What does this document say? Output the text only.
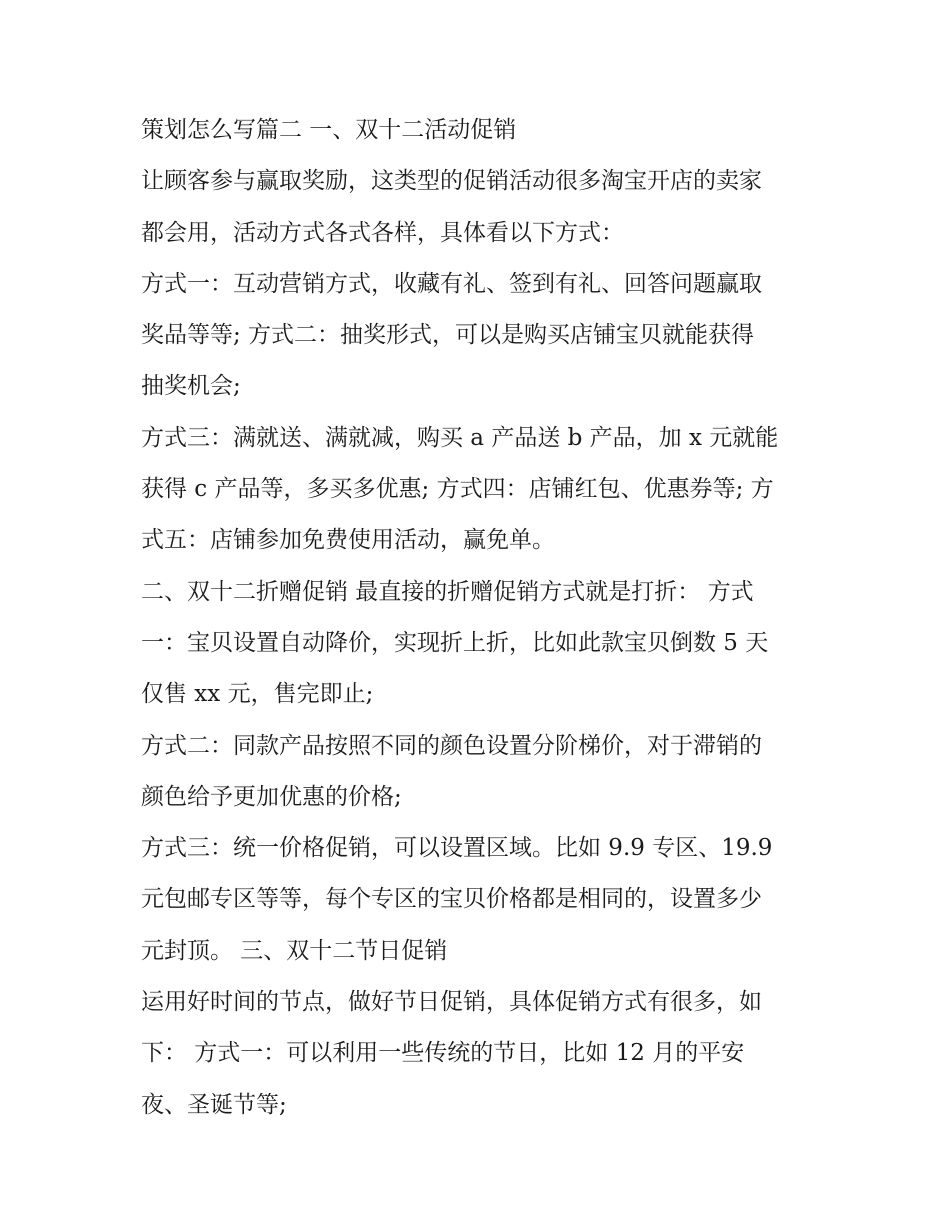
策划怎么写篇二 一、双十二活动促销
让顾客参与赢取奖励，这类型的促销活动很多淘宝开店的卖家
都会用，活动方式各式各样，具体看以下方式：
方式一：互动营销方式，收藏有礼、签到有礼、回答问题赢取
奖品等等; 方式二：抽奖形式，可以是购买店铺宝贝就能获得
抽奖机会;
方式三：满就送、满就减，购买 a 产品送 b 产品，加 x 元就能
获得 c 产品等，多买多优惠; 方式四：店铺红包、优惠券等; 方
式五：店铺参加免费使用活动，赢免单。
二、双十二折赠促销 最直接的折赠促销方式就是打折： 方式
一：宝贝设置自动降价，实现折上折，比如此款宝贝倒数 5 天
仅售 xx 元，售完即止;
方式二：同款产品按照不同的颜色设置分阶梯价，对于滞销的
颜色给予更加优惠的价格;
方式三：统一价格促销，可以设置区域。比如 9.9 专区、19.9
元包邮专区等等，每个专区的宝贝价格都是相同的，设置多少
元封顶。 三、双十二节日促销
运用好时间的节点，做好节日促销，具体促销方式有很多，如
下： 方式一：可以利用一些传统的节日，比如 12 月的平安
夜、圣诞节等;
